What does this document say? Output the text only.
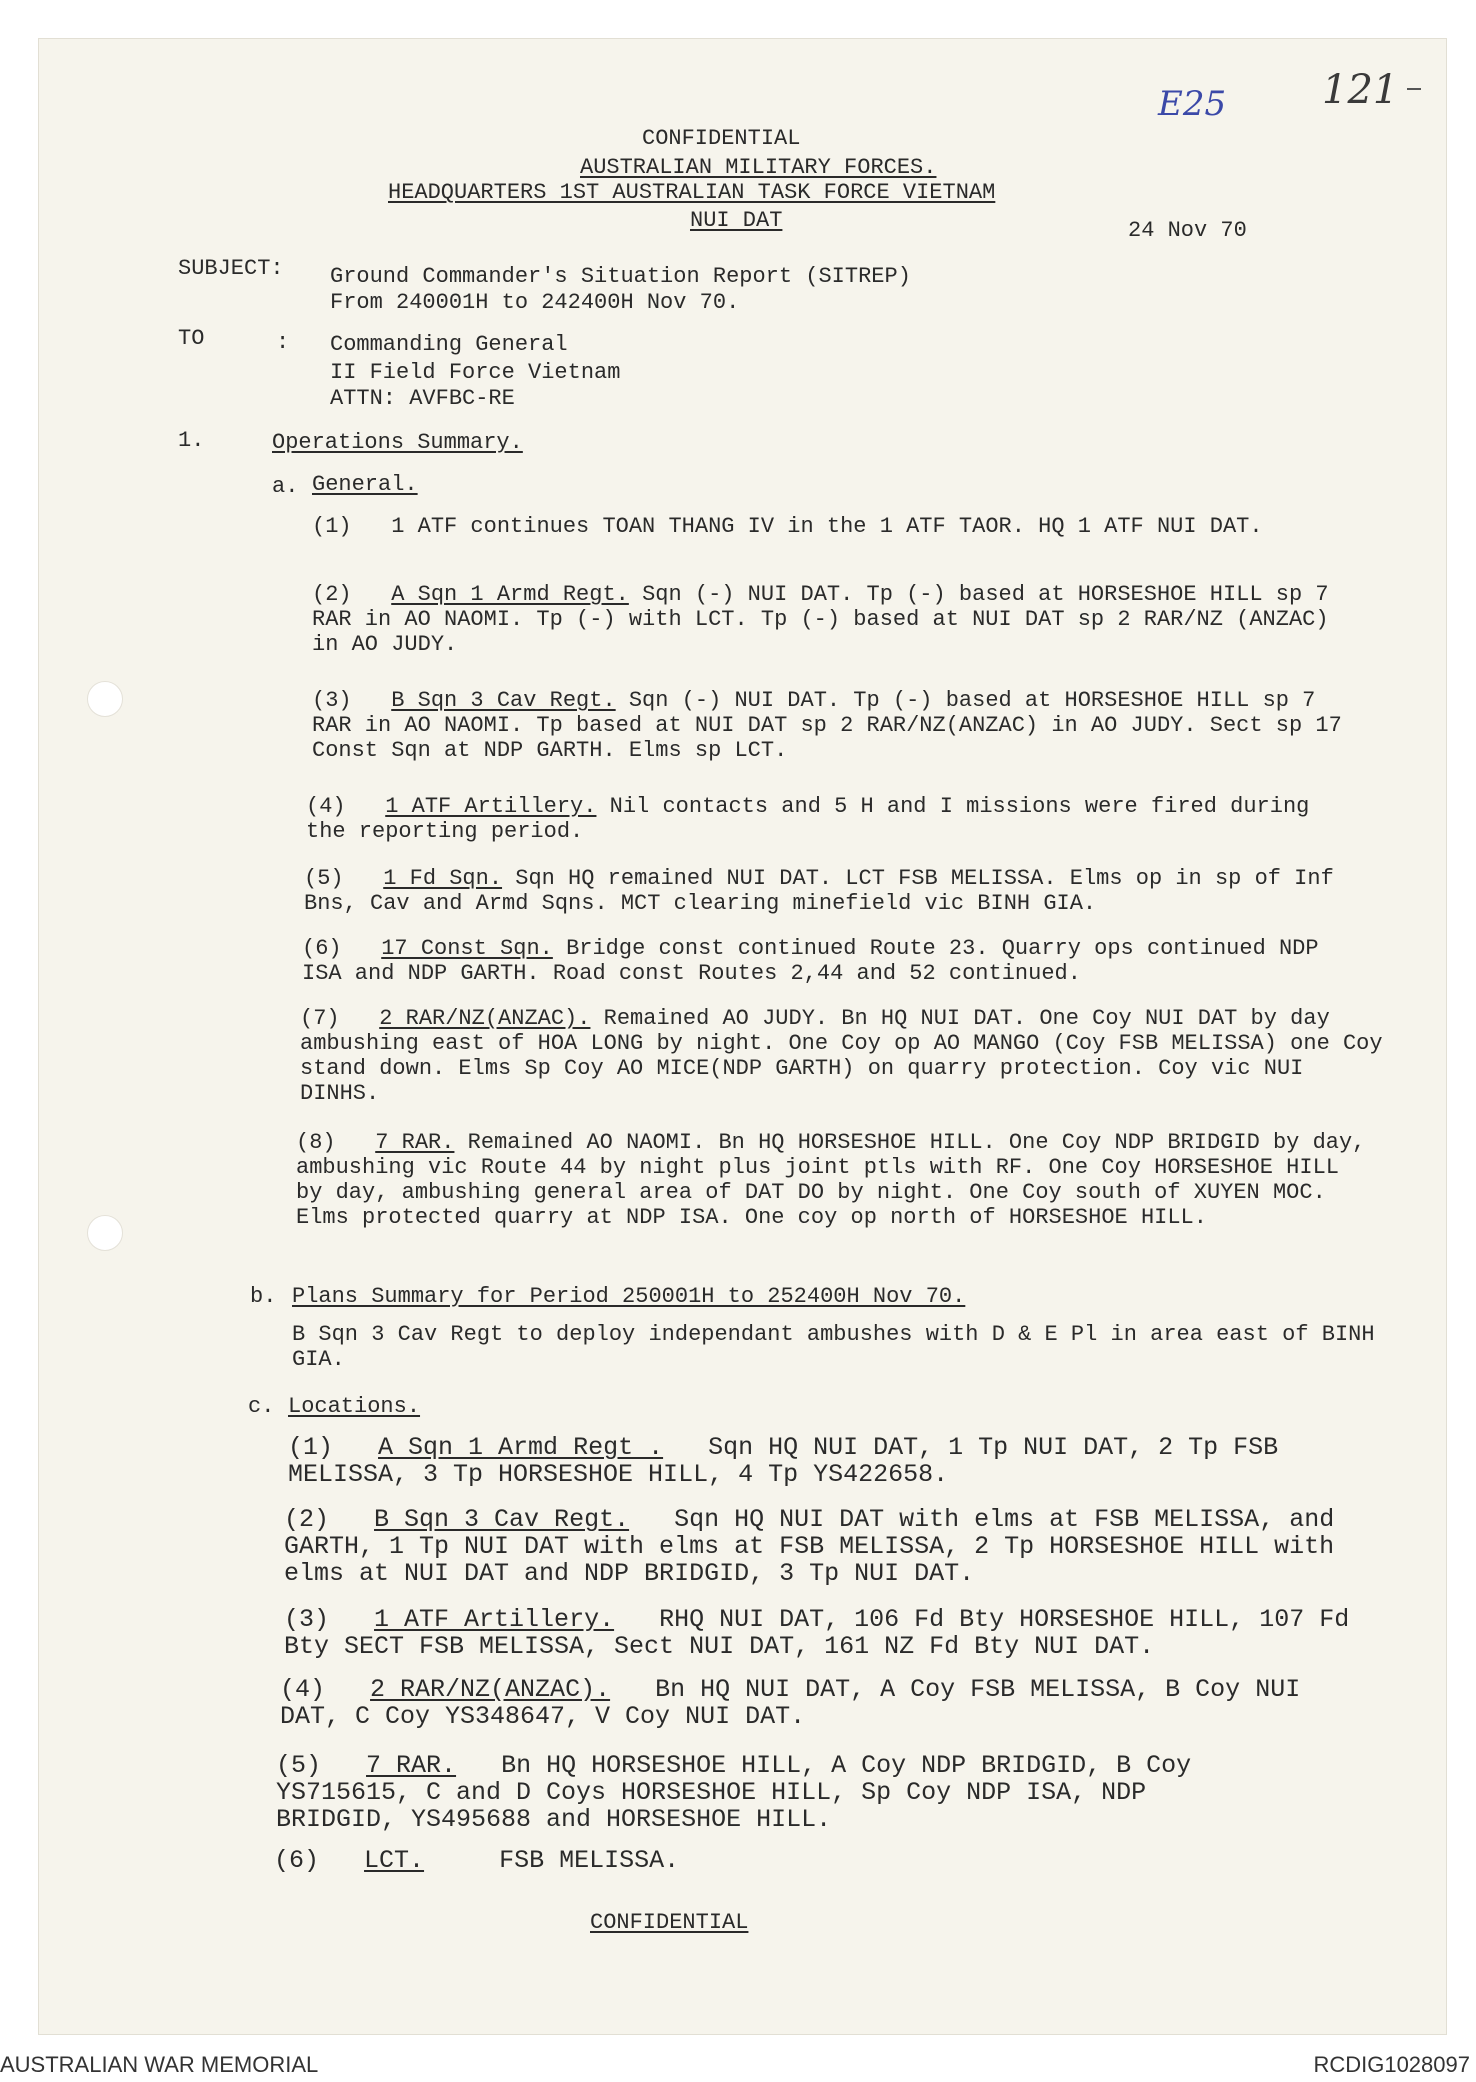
E25 121
CONFIDENTIAL
AUSTRALIAN MILITARY FORCES.
HEADQUARTERS 1ST AUSTRALIAN TASK FORCE VIETNAM
NUI DAT	24 Nov 70
SUBJECT: Ground Commander's Situation Report (SITREP)
From 240001H to 242400H Nov 70.
TO	: Commanding General
II Field Force Vietnam
ATTN: AVFBC-RE
1.	Operations Summary.
a. General.
(1) 1 ATF continues TOAN THANG IV in the 1 ATF TAOR. HQ 1 ATF NUI DAT.
(2) A Sqn 1 Armd Regt. Sqn (-) NUI DAT. Tp (-) based at HORSESHOE HILL sp 7 RAR in AO NAOMI. Tp (-) with LCT. Tp (-) based at NUI DAT sp 2 RAR/NZ (ANZAC) in AO JUDY.
(3) B Sqn 3 Cav Regt. Sqn (-) NUI DAT. Tp (-) based at HORSESHOE HILL sp 7 RAR in AO NAOMI. Tp based at NUI DAT sp 2 RAR/NZ(ANZAC) in AO JUDY. Sect sp 17 Const Sqn at NDP GARTH. Elms sp LCT.
(4) 1 ATF Artillery. Nil contacts and 5 H and I missions were fired during the reporting period.
(5) 1 Fd Sqn. Sqn HQ remained NUI DAT. LCT FSB MELISSA. Elms op in sp of Inf Bns, Cav and Armd Sqns. MCT clearing minefield vic BINH GIA.
(6) 17 Const Sqn. Bridge const continued Route 23. Quarry ops continued NDP ISA and NDP GARTH. Road const Routes 2,44 and 52 continued.
(7) 2 RAR/NZ(ANZAC). Remained AO JUDY. Bn HQ NUI DAT. One Coy NUI DAT by day ambushing east of HOA LONG by night. One Coy op AO MANGO (Coy FSB MELISSA) one Coy stand down. Elms Sp Coy AO MICE(NDP GARTH) on quarry protection. Coy vic NUI DINHS.
(8) 7 RAR. Remained AO NAOMI. Bn HQ HORSESHOE HILL. One Coy NDP BRIDGID by day, ambushing vic Route 44 by night plus joint ptls with RF. One Coy HORSESHOE HILL by day, ambushing general area of DAT DO by night. One Coy south of XUYEN MOC. Elms protected quarry at NDP ISA. One coy op north of HORSESHOE HILL.
b. Plans Summary for Period 250001H to 252400H Nov 70.
B Sqn 3 Cav Regt to deploy independant ambushes with D & E Pl in area east of BINH GIA.
c. Locations.
(1) A Sqn 1 Armd Regt . Sqn HQ NUI DAT, 1 Tp NUI DAT, 2 Tp FSB MELISSA, 3 Tp HORSESHOE HILL, 4 Tp YS422658.
(2) B Sqn 3 Cav Regt. Sqn HQ NUI DAT with elms at FSB MELISSA, and GARTH, 1 Tp NUI DAT with elms at FSB MELISSA, 2 Tp HORSESHOE HILL with elms at NUI DAT and NDP BRIDGID, 3 Tp NUI DAT.
(3) 1 ATF Artillery. RHQ NUI DAT, 106 Fd Bty HORSESHOE HILL, 107 Fd Bty SECT FSB MELISSA, Sect NUI DAT, 161 NZ Fd Bty NUI DAT.
(4) 2 RAR/NZ(ANZAC). Bn HQ NUI DAT, A Coy FSB MELISSA, B Coy NUI DAT, C Coy YS348647, V Coy NUI DAT.
(5) 7 RAR. Bn HQ HORSESHOE HILL, A Coy NDP BRIDGID, B Coy YS715615, C and D Coys HORSESHOE HILL, Sp Coy NDP ISA, NDP BRIDGID, YS495688 and HORSESHOE HILL.
(6) LCT.	FSB MELISSA.
CONFIDENTIAL
AUSTRALIAN WAR MEMORIAL	RCDIG1028097
